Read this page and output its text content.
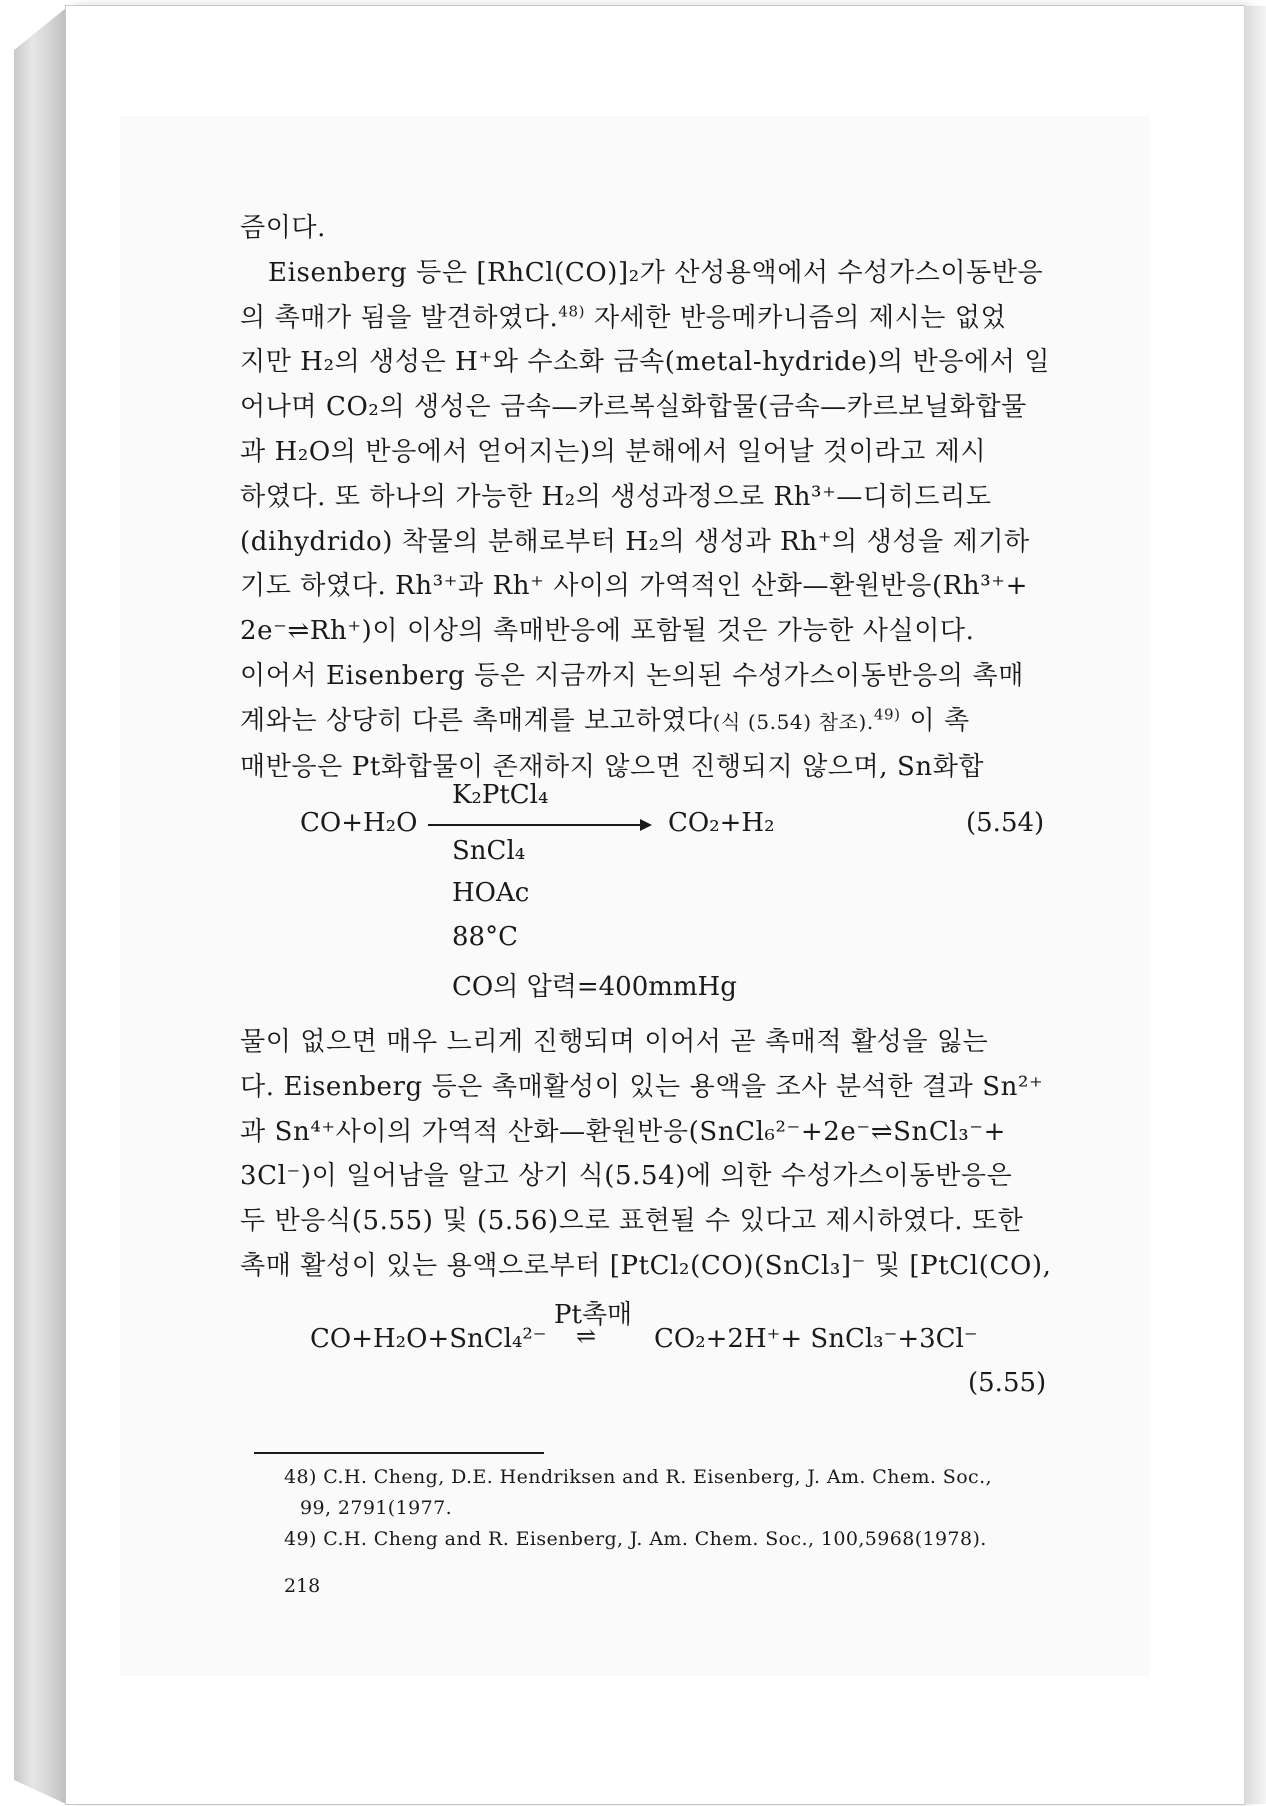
즘이다.

Eisenberg 등은 [RhCl(CO)]₂가 산성용액에서 수성가스이동반응

의 촉매가 됨을 발견하였다.$^{48)}$ 자세한 반응메카니즘의 제시는 없었

지만 H₂의 생성은 H⁺와 수소화 금속(metal-hydride)의 반응에서 일

어나며 CO₂의 생성은 금속—카르복실화합물(금속—카르보닐화합물

과 H₂O의 반응에서 얻어지는)의 분해에서 일어날 것이라고 제시

하였다. 또 하나의 가능한 H₂의 생성과정으로 Rh³⁺—디히드리도

(dihydrido) 착물의 분해로부터 H₂의 생성과 Rh⁺의 생성을 제기하

기도 하였다. Rh³⁺과 Rh⁺ 사이의 가역적인 산화—환원반응(Rh³⁺+

2e⁻⇌Rh⁺)이 이상의 촉매반응에 포함될 것은 가능한 사실이다.

이어서 Eisenberg 등은 지금까지 논의된 수성가스이동반응의 촉매

계와는 상당히 다른 촉매계를 보고하였다(식 (5.54) 참조).$^{49)}$ 이 촉

매반응은 Pt화합물이 존재하지 않으면 진행되지 않으며, Sn화합

K₂PtCl₄
CO+H₂O	CO₂+H₂	(5.54)
SnCl₄
HOAc
88°C
CO의 압력=400mmHg

물이 없으면 매우 느리게 진행되며 이어서 곧 촉매적 활성을 잃는

다. Eisenberg 등은 촉매활성이 있는 용액을 조사 분석한 결과 Sn²⁺

과 Sn⁴⁺사이의 가역적 산화—환원반응(SnCl₆²⁻+2e⁻⇌SnCl₃⁻+

3Cl⁻)이 일어남을 알고 상기 식(5.54)에 의한 수성가스이동반응은

두 반응식(5.55) 및 (5.56)으로 표현될 수 있다고 제시하였다. 또한

촉매 활성이 있는 용액으로부터 [PtCl₂(CO)(SnCl₃]⁻ 및 [PtCl(CO),

Pt촉매
CO+H₂O+SnCl₄²⁻ ⇌ CO₂+2H⁺+ SnCl₃⁻+3Cl⁻
(5.55)

48) C.H. Cheng, D.E. Hendriksen and R. Eisenberg, J. Am. Chem. Soc.,

99, 2791(1977.

49) C.H. Cheng and R. Eisenberg, J. Am. Chem. Soc., 100,5968(1978).

218
